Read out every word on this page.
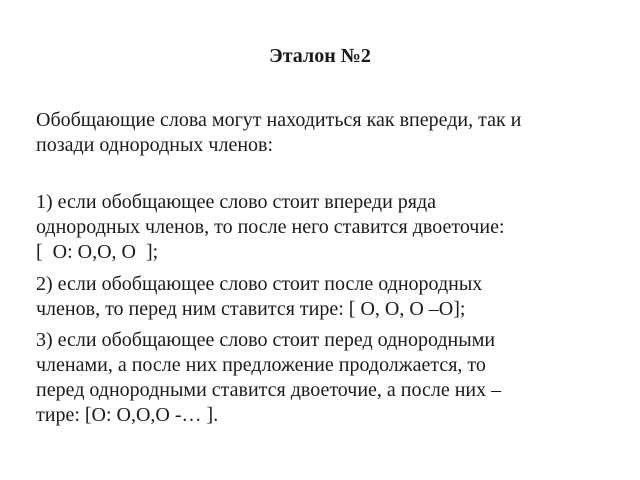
Эталон №2
Обобщающие слова могут находиться как впереди, так и
позади однородных членов:
1) если обобщающее слово стоит впереди ряда
однородных членов, то после него ставится двоеточие:
[  О: О,О, О  ];
2) если обобщающее слово стоит после однородных
членов, то перед ним ставится тире: [ О, О, О –О];
3) если обобщающее слово стоит перед однородными
членами, а после них предложение продолжается, то
перед однородными ставится двоеточие, а после них –
тире: [О: О,О,О -… ].
